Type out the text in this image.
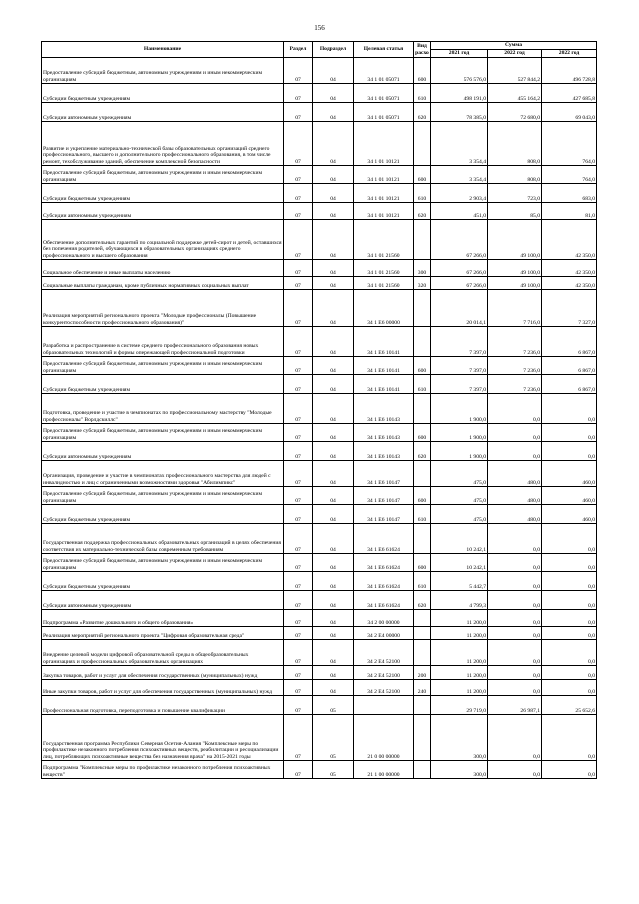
156
Наименование	Раздел	Подраздел	Целевая статья	Вид расхо	Сумма		
					2021 год	2022 год	2022 год
Предоставление субсидий бюджетным, автономным учреждениям и иным некоммерческим организациям	07	04	34 1 01 05071	600	576 576,0	527 844,2	496 728,8
Субсидии бюджетным учреждениям	07	04	34 1 01 05071	610	498 191,0	455 164,2	427 685,8
Субсидии автономным учреждениям	07	04	34 1 01 05071	620	78 385,0	72 680,0	69 043,0
Развитие и укрепление материально-технической базы образовательных организаций среднего профессионального, высшего и дополнительного профессионального образования, в том числе ремонт, техобслуживание зданий, обеспечение комплексной безопасности	07	04	34 1 01 10121		3 354,4	808,0	764,0
Предоставление субсидий бюджетным, автономным учреждениям и иным некоммерческим организациям	07	04	34 1 01 10121	600	3 354,4	808,0	764,0
Субсидии бюджетным учреждениям	07	04	34 1 01 10121	610	2 903,4	723,0	683,0
Субсидии автономным учреждениям	07	04	34 1 01 10121	620	451,0	85,0	81,0
Обеспечение дополнительных гарантий по социальной поддержке детей-сирот и детей, оставшихся без попечения родителей, обучающихся в образовательных организациях среднего профессионального и высшего образования	07	04	34 1 01 21560		67 266,0	49 100,0	42 350,0
Социальное обеспечение и иные выплаты населению	07	04	34 1 01 21560	300	67 266,0	49 100,0	42 350,0
Социальные выплаты гражданам, кроме публичных нормативных социальных выплат	07	04	34 1 01 21560	320	67 266,0	49 100,0	42 350,0
Реализация мероприятий регионального проекта "Молодые профессионалы (Повышение конкурентоспособности профессионального образования)"	07	04	34 1 Е6 00000		20 014,1	7 716,0	7 327,0
Разработка и распространение в системе среднего профессионального образования новых образовательных технологий и формы опережающей профессиональной подготовки	07	04	34 1 Е6 10141		7 397,0	7 236,0	6 867,0
Предоставление субсидий бюджетным, автономным учреждениям и иным некоммерческим организациям	07	04	34 1 Е6 10141	600	7 397,0	7 236,0	6 867,0
Субсидии бюджетным учреждениям	07	04	34 1 Е6 10141	610	7 397,0	7 236,0	6 867,0
Подготовка, проведение и участие в чемпионатах по профессиональному мастерству "Молодые профессионалы" Ворлдскиллс"	07	04	34 1 Е6 10143		1 900,0	0,0	0,0
Предоставление субсидий бюджетным, автономным учреждениям и иным некоммерческим организациям	07	04	34 1 Е6 10143	600	1 900,0	0,0	0,0
Субсидии автономным учреждениям	07	04	34 1 Е6 10143	620	1 900,0	0,0	0,0
Организация, проведение и участие в чемпионатах профессионального мастерства для людей с инвалидностью и лиц с ограниченными возможностями здоровья "Абилимпикс"	07	04	34 1 Е6 10147		475,0	480,0	460,0
Предоставление субсидий бюджетным, автономным учреждениям и иным некоммерческим организациям	07	04	34 1 Е6 10147	600	475,0	480,0	460,0
Субсидии бюджетным учреждениям	07	04	34 1 Е6 10147	610	475,0	480,0	460,0
Государственная поддержка профессиональных образовательных организаций в целях обеспечения соответствия их материально-технической базы современным требованиям	07	04	34 1 Е6 61624		10 242,1	0,0	0,0
Предоставление субсидий бюджетным, автономным учреждениям и иным некоммерческим организациям	07	04	34 1 Е6 61624	600	10 242,1	0,0	0,0
Субсидии бюджетным учреждениям	07	04	34 1 Е6 61624	610	5 442,7	0,0	0,0
Субсидии автономным учреждениям	07	04	34 1 Е6 61624	620	4 799,3	0,0	0,0
Подпрограмма «Развитие дошкольного и общего образования»	07	04	34 2 00 00000		11 200,0	0,0	0,0
Реализация мероприятий регионального проекта "Цифровая образовательная среда"	07	04	34 2 Е4 00000		11 200,0	0,0	0,0
Внедрение целевой модели цифровой образовательной среды в общеобразовательных организациях и профессиональных образовательных организациях	07	04	34 2 Е4 52100		11 200,0	0,0	0,0
Закупка товаров, работ и услуг для обеспечения государственных (муниципальных) нужд	07	04	34 2 Е4 52100	200	11 200,0	0,0	0,0
Иные закупки товаров, работ и услуг для обеспечения государственных (муниципальных) нужд	07	04	34 2 Е4 52100	240	11 200,0	0,0	0,0
Профессиональная подготовка, переподготовка и повышение квалификации	07	05			29 719,0	26 987,1	25 652,6
Государственная программа Республики Северная Осетия-Алания "Комплексные меры по профилактике незаконного потребления психоактивных веществ, реабилитации и ресоциализации лиц, потребляющих психоактивные вещества без назначения врача" на 2015-2021 годы	07	05	21 0 00 00000		300,0	0,0	0,0
Подпрограмма "Комплексные меры по профилактике незаконного потребления психоактивных веществ"	07	05	21 1 00 00000		300,0	0,0	0,0
